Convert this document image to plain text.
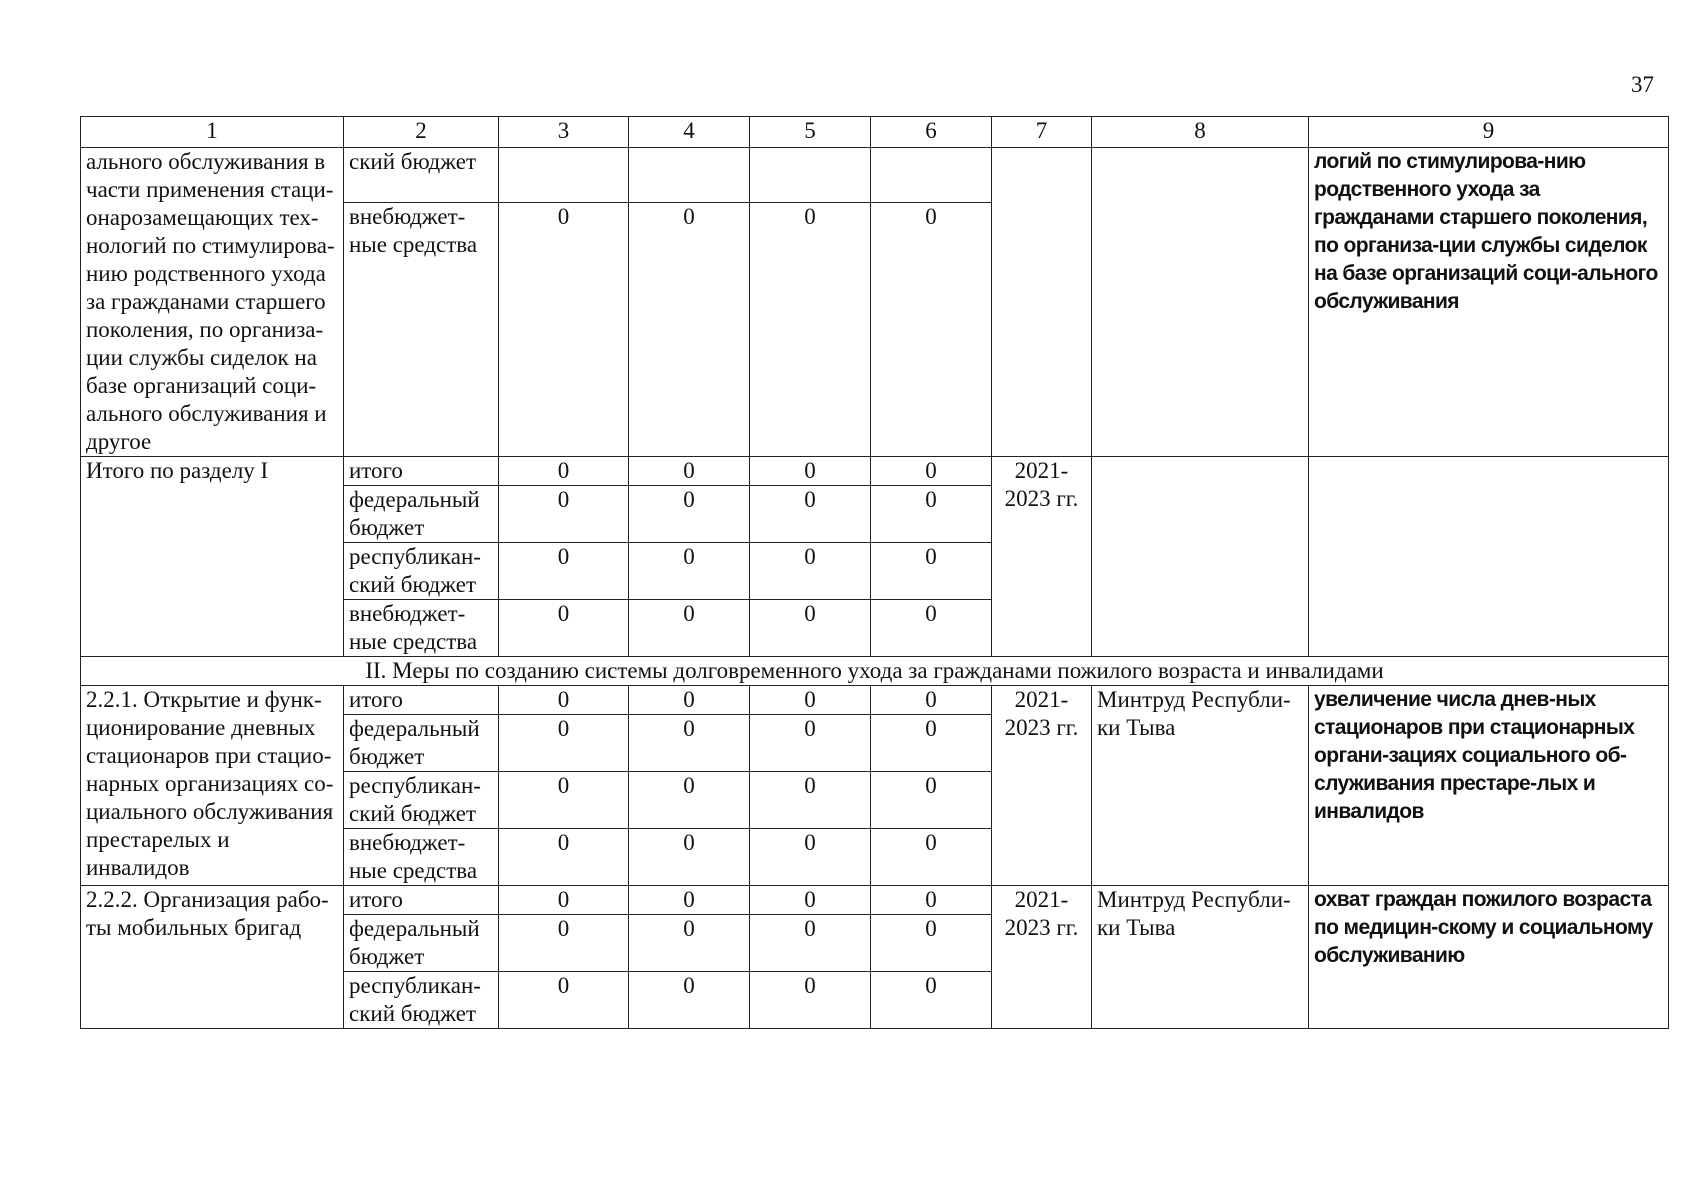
37
1	2	3	4	5	6	7	8	9
ального обслуживания в части применения стаци-онарозамещающих тех-нологий по стимулирова-нию родственного ухода за гражданами старшего поколения, по организа-ции службы сиделок на базе организаций соци-ального обслуживания и другое	ский бюджет							логий по стимулирова-нию родственного ухода за гражданами старшего поколения, по организа-ции службы сиделок на базе организаций соци-ального обслуживания
	внебюджет-ные средства	0	0	0	0			
Итого по разделу I	итого	0	0	0	0	2021-2023 гг.		
	федеральный бюджет	0	0	0	0			
	республикан-ский бюджет	0	0	0	0			
	внебюджет-ные средства	0	0	0	0			
II. Меры по созданию системы долговременного ухода за гражданами пожилого возраста и инвалидами								
2.2.1. Открытие и функ-ционирование дневных стационаров при стацио-нарных организациях со-циального обслуживания престарелых и инвалидов	итого	0	0	0	0	2021-2023 гг.	Минтруд Республи-ки Тыва	увеличение числа днев-ных стационаров при стационарных органи-зациях социального об-служивания престаре-лых и инвалидов
	федеральный бюджет	0	0	0	0			
	республикан-ский бюджет	0	0	0	0			
	внебюджет-ные средства	0	0	0	0			
2.2.2. Организация рабо-ты мобильных бригад	итого	0	0	0	0	2021-2023 гг.	Минтруд Республи-ки Тыва	охват граждан пожилого возраста по медицин-скому и социальному обслуживанию
	федеральный бюджет	0	0	0	0			
	республикан-ский бюджет	0	0	0	0			
